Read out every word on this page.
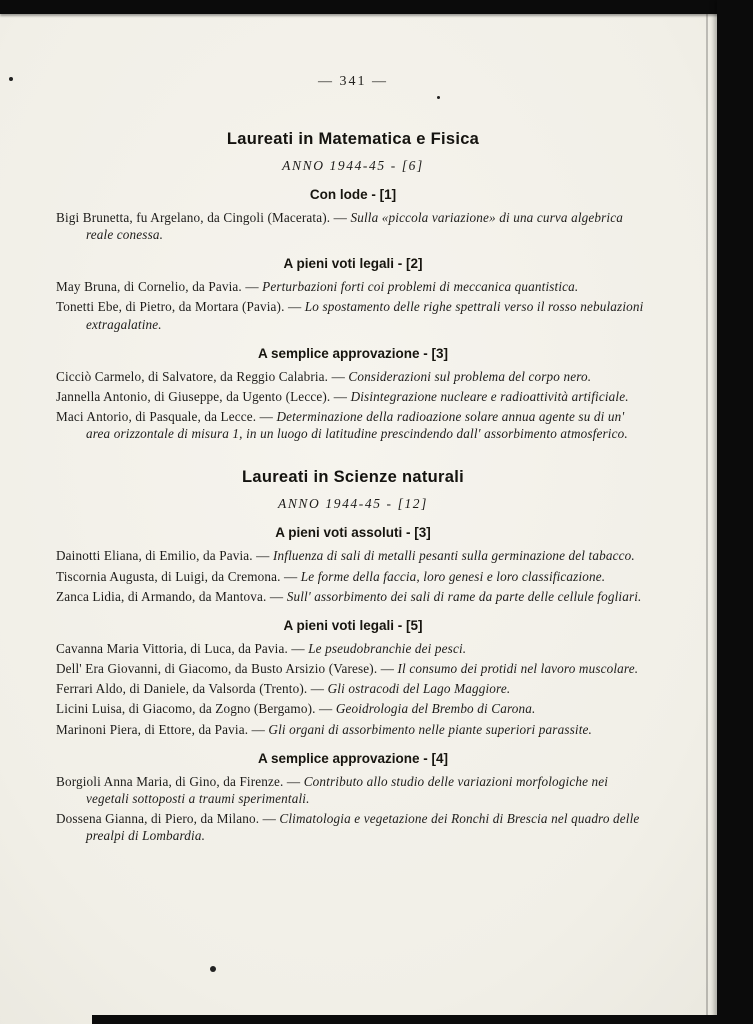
— 341 —
Laureati in Matematica e Fisica
ANNO 1944-45 - [6]
Con lode - [1]

Bigi Brunetta, fu Argelano, da Cingoli (Macerata). — Sulla «piccola variazione» di una curva algebrica reale conessa.

A pieni voti legali - [2]

May Bruna, di Cornelio, da Pavia. — Perturbazioni forti coi problemi di meccanica quantistica.

Tonetti Ebe, di Pietro, da Mortara (Pavia). — Lo spostamento delle righe spettrali verso il rosso nebulazioni extragalatine.

A semplice approvazione - [3]

Cicciò Carmelo, di Salvatore, da Reggio Calabria. — Considerazioni sul problema del corpo nero.

Jannella Antonio, di Giuseppe, da Ugento (Lecce). — Disintegrazione nucleare e radioattività artificiale.

Maci Antorio, di Pasquale, da Lecce. — Determinazione della radioazione solare annua agente su di un' area orizzontale di misura 1, in un luogo di latitudine prescindendo dall' assorbimento atmosferico.

Laureati in Scienze naturali
ANNO 1944-45 - [12]
A pieni voti assoluti - [3]

Dainotti Eliana, di Emilio, da Pavia. — Influenza di sali di metalli pesanti sulla germinazione del tabacco.

Tiscornia Augusta, di Luigi, da Cremona. — Le forme della faccia, loro genesi e loro classificazione.

Zanca Lidia, di Armando, da Mantova. — Sull' assorbimento dei sali di rame da parte delle cellule fogliari.

A pieni voti legali - [5]

Cavanna Maria Vittoria, di Luca, da Pavia. — Le pseudobranchie dei pesci.

Dell' Era Giovanni, di Giacomo, da Busto Arsizio (Varese). — Il consumo dei protidi nel lavoro muscolare.

Ferrari Aldo, di Daniele, da Valsorda (Trento). — Gli ostracodi del Lago Maggiore.

Licini Luisa, di Giacomo, da Zogno (Bergamo). — Geoidrologia del Brembo di Carona.

Marinoni Piera, di Ettore, da Pavia. — Gli organi di assorbimento nelle piante superiori parassite.

A semplice approvazione - [4]

Borgioli Anna Maria, di Gino, da Firenze. — Contributo allo studio delle variazioni morfologiche nei vegetali sottoposti a traumi sperimentali.

Dossena Gianna, di Piero, da Milano. — Climatologia e vegetazione dei Ronchi di Brescia nel quadro delle prealpi di Lombardia.
